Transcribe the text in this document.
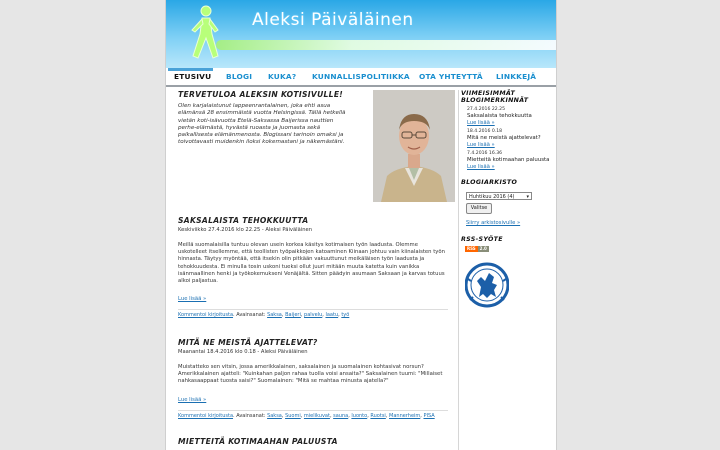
Aleksi Päiväläinen
ETUSIVU BLOGI KUKA? KUNNALLISPOLITIIKKA OTA YHTEYTTÄ LINKKEJÄ
TERVETULOA ALEKSIN KOTISIVULLE!
Olen karjalaistunut lappeenrantalainen, joka ehti asua elämänsä 28 ensimmäistä vuotta Helsingissä. Tällä hetkellä vietän koti-isävuotta Etelä-Saksassa Baijerissa nauttien perhe-elämästä, hyvästä ruoasta ja juomasta sekä paikallisesta elämänmenosta. Blogissani tarinoin omaksi ja toivottavasti muidenkin iloksi kokemastani ja näkemästäni.
SAKSALAISTA TEHOKKUUTTA
Keskiviikko 27.4.2016 klo 22.25 - Aleksi Päiväläinen
Meillä suomalaisilla tuntuu olevan usein korkea käsitys kotimaisen työn laadusta. Olemme uskotelleet itsellemme, että teollisten työpaikkojen katoaminen Kiinaan johtuu vain kiinalaisten työn hinnasta. Täytyy myöntää, että itsekin olin pitkään vakuuttunut meikäläisen työn laadusta ja tehokkuudesta. Ei minulla tosin uskoni tueksi ollut juuri mitään muuta katetta kuin vanikka isänmaallinen henki ja työkokemukseni Venäjältä. Sitten päädyin asumaan Saksaan ja karvas totuus alkoi paljastua.
Lue lisää »
Kommentoi kirjoitusta. Avainsanat: Saksa, Baijeri, palvelu, laatu, työ
MITÄ NE MEISTÄ AJATTELEVAT?
Maanantai 18.4.2016 klo 0.18 - Aleksi Päiväläinen
Muistatteko sen vitsin, jossa amerikkalainen, saksalainen ja suomalainen kohtasivat norsun? Amerikkalainen ajatteli: "Kuinkahan paljon rahaa tuolla voisi ansaita?" Saksalainen tuumi: "Millaiset nahkasaappaat tuosta saisi?" Suomalainen: "Mitä se mahtaa minusta ajatella?"
Lue lisää »
Kommentoi kirjoitusta. Avainsanat: Saksa, Suomi, mielikuvat, sauna, luonto, Ruotsi, Mannerheim, PISA
MIETTEITÄ KOTIMAAHAN PALUUSTA
VIIMEISIMMÄT BLOGIMERKINNÄT
27.4.2016 22.25
Saksalaista tehokkuutta
Lue lisää »
18.4.2016 0.18
Mitä ne meistä ajattelevat?
Lue lisää »
7.4.2016 16.36
Mietteitä kotimaahan paluusta
Lue lisää »
BLOGIARKISTO
Huhtikuu 2016 (4) ▾
Valitse
Siirry arkistosivulle »
RSS-SYÖTE
RSS	2.0
